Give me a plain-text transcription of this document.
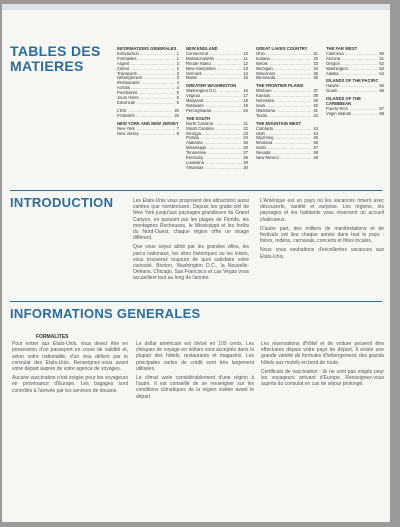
TABLES DES MATIERES
INFORMATIONS GENERALES
Introduction .....	1
Formalités .....	1
Argent .....	2
Climat .....	2
Transports .....	3
Hébergement .....	3
Restaurants .....	4
Achats .....	4
Pourboires .....	5
Jours fériés .....	5
Electricité .....	5
L'Est .....	25
Festivités .....	26
NEW YORK AND NEW JERSEY
New York .....	7
New Jersey .....	8
NEW ENGLAND
Connecticut .....	10
Massachusetts .....	11
Rhode Island .....	12
New Hampshire .....	13
Vermont .....	14
Maine .....	15
GREATER WASHINGTON
Washington D.C. .....	16
Virginia .....	17
Maryland .....	18
Delaware .....	19
Pennsylvania .....	20
THE SOUTH
North Carolina .....	21
South Carolina .....	22
Georgia .....	23
Florida .....	24
Alabama .....	25
Mississippi .....	26
Tennessee .....	27
Kentucky .....	28
Louisiana .....	29
Arkansas .....	30
GREAT LAKES COUNTRY
Ohio .....	31
Indiana .....	32
Illinois .....	33
Michigan .....	34
Wisconsin .....	35
Minnesota .....	36
THE FRONTIER PLAINS
Missouri .....	37
Kansas .....	38
Nebraska .....	39
Iowa .....	40
Oklahoma .....	41
Texas .....	42
THE MOUNTAIN WEST
Colorado .....	43
Utah .....	44
Wyoming .....	45
Montana .....	46
Idaho .....	47
Nevada .....	48
New Mexico .....	49
THE FAR WEST
California .....	50
Arizona .....	51
Oregon .....	52
Washington .....	53
Alaska .....	54
ISLANDS OF THE PACIFIC
Hawaii .....	55
Guam .....	56
ISLANDS OF THE CARIBBEAN
Puerto Rico .....	57
Virgin Islands .....	58
INTRODUCTION	Les Etats-Unis vous proposent des attractions aussi variées que nombreuses. Depuis les gratte-ciel de New York jusqu'aux paysages grandioses du Grand Canyon, en passant par les plages de Floride, les montagnes Rocheuses, le Mississippi et les forêts du Nord-Ouest, chaque région offre un visage différent.

Que vous soyez attiré par les grandes villes, les parcs nationaux, les sites historiques ou les loisirs, vous trouverez toujours de quoi satisfaire votre curiosité. Boston, Washington D.C., la Nouvelle-Orléans, Chicago, San Francisco et Las Vegas vous accueillent tout au long de l'année.

L'Amérique est un pays où les vacances riment avec découverte, variété et surprise. Les régions, les paysages et les habitants vous réservent un accueil chaleureux.

D'autre part, des milliers de manifestations et de festivals ont lieu chaque année dans tout le pays : foires, rodéos, carnavals, concerts et fêtes locales.

Nous vous souhaitons d'excellentes vacances aux Etats-Unis.

INFORMATIONS GENERALES
FORMALITES

Pour entrer aux Etats-Unis, vous devez être en possession d'un passeport en cours de validité et, selon votre nationalité, d'un visa délivré par le consulat des Etats-Unis. Renseignez-vous avant votre départ auprès de votre agence de voyages.

Aucune vaccination n'est exigée pour les voyageurs en provenance d'Europe. Les bagages sont contrôlés à l'arrivée par les services de douane.

Le dollar américain est divisé en 100 cents. Les chèques de voyage en dollars sont acceptés dans la plupart des hôtels, restaurants et magasins. Les principales cartes de crédit sont très largement utilisées.

Le climat varie considérablement d'une région à l'autre. Il est conseillé de se renseigner sur les conditions climatiques de la région visitée avant le départ.

Les réservations d'hôtel et de voiture peuvent être effectuées depuis votre pays de départ. Il existe une grande variété de formules d'hébergement, des grands hôtels aux motels en bord de route.

Certificats de vaccination : ils ne sont pas exigés pour les voyageurs arrivant d'Europe. Renseignez-vous auprès du consulat en cas de séjour prolongé.
